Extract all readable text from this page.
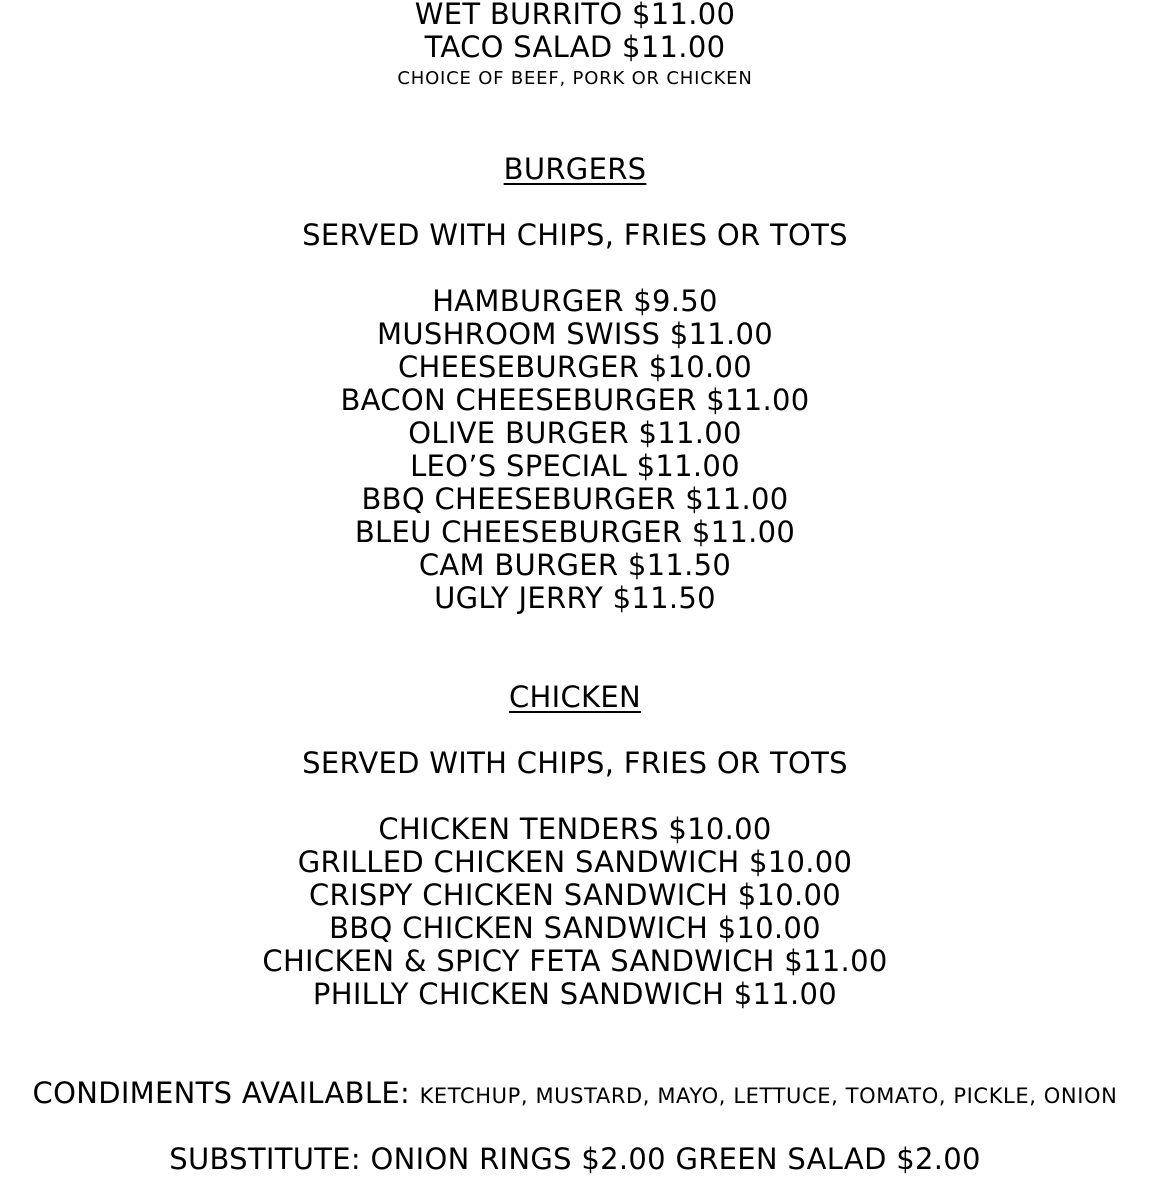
WET BURRITO $11.00
TACO SALAD $11.00
CHOICE OF BEEF, PORK OR CHICKEN
BURGERS
SERVED WITH CHIPS, FRIES OR TOTS
HAMBURGER $9.50
MUSHROOM SWISS $11.00
CHEESEBURGER $10.00
BACON CHEESEBURGER $11.00
OLIVE BURGER $11.00
LEO’S SPECIAL $11.00
BBQ CHEESEBURGER $11.00
BLEU CHEESEBURGER $11.00
CAM BURGER $11.50
UGLY JERRY $11.50
CHICKEN
SERVED WITH CHIPS, FRIES OR TOTS
CHICKEN TENDERS $10.00
GRILLED CHICKEN SANDWICH $10.00
CRISPY CHICKEN SANDWICH $10.00
BBQ CHICKEN SANDWICH $10.00
CHICKEN & SPICY FETA SANDWICH $11.00
PHILLY CHICKEN SANDWICH $11.00
CONDIMENTS AVAILABLE: KETCHUP, MUSTARD, MAYO, LETTUCE, TOMATO, PICKLE, ONION
SUBSTITUTE: ONION RINGS $2.00 GREEN SALAD $2.00
